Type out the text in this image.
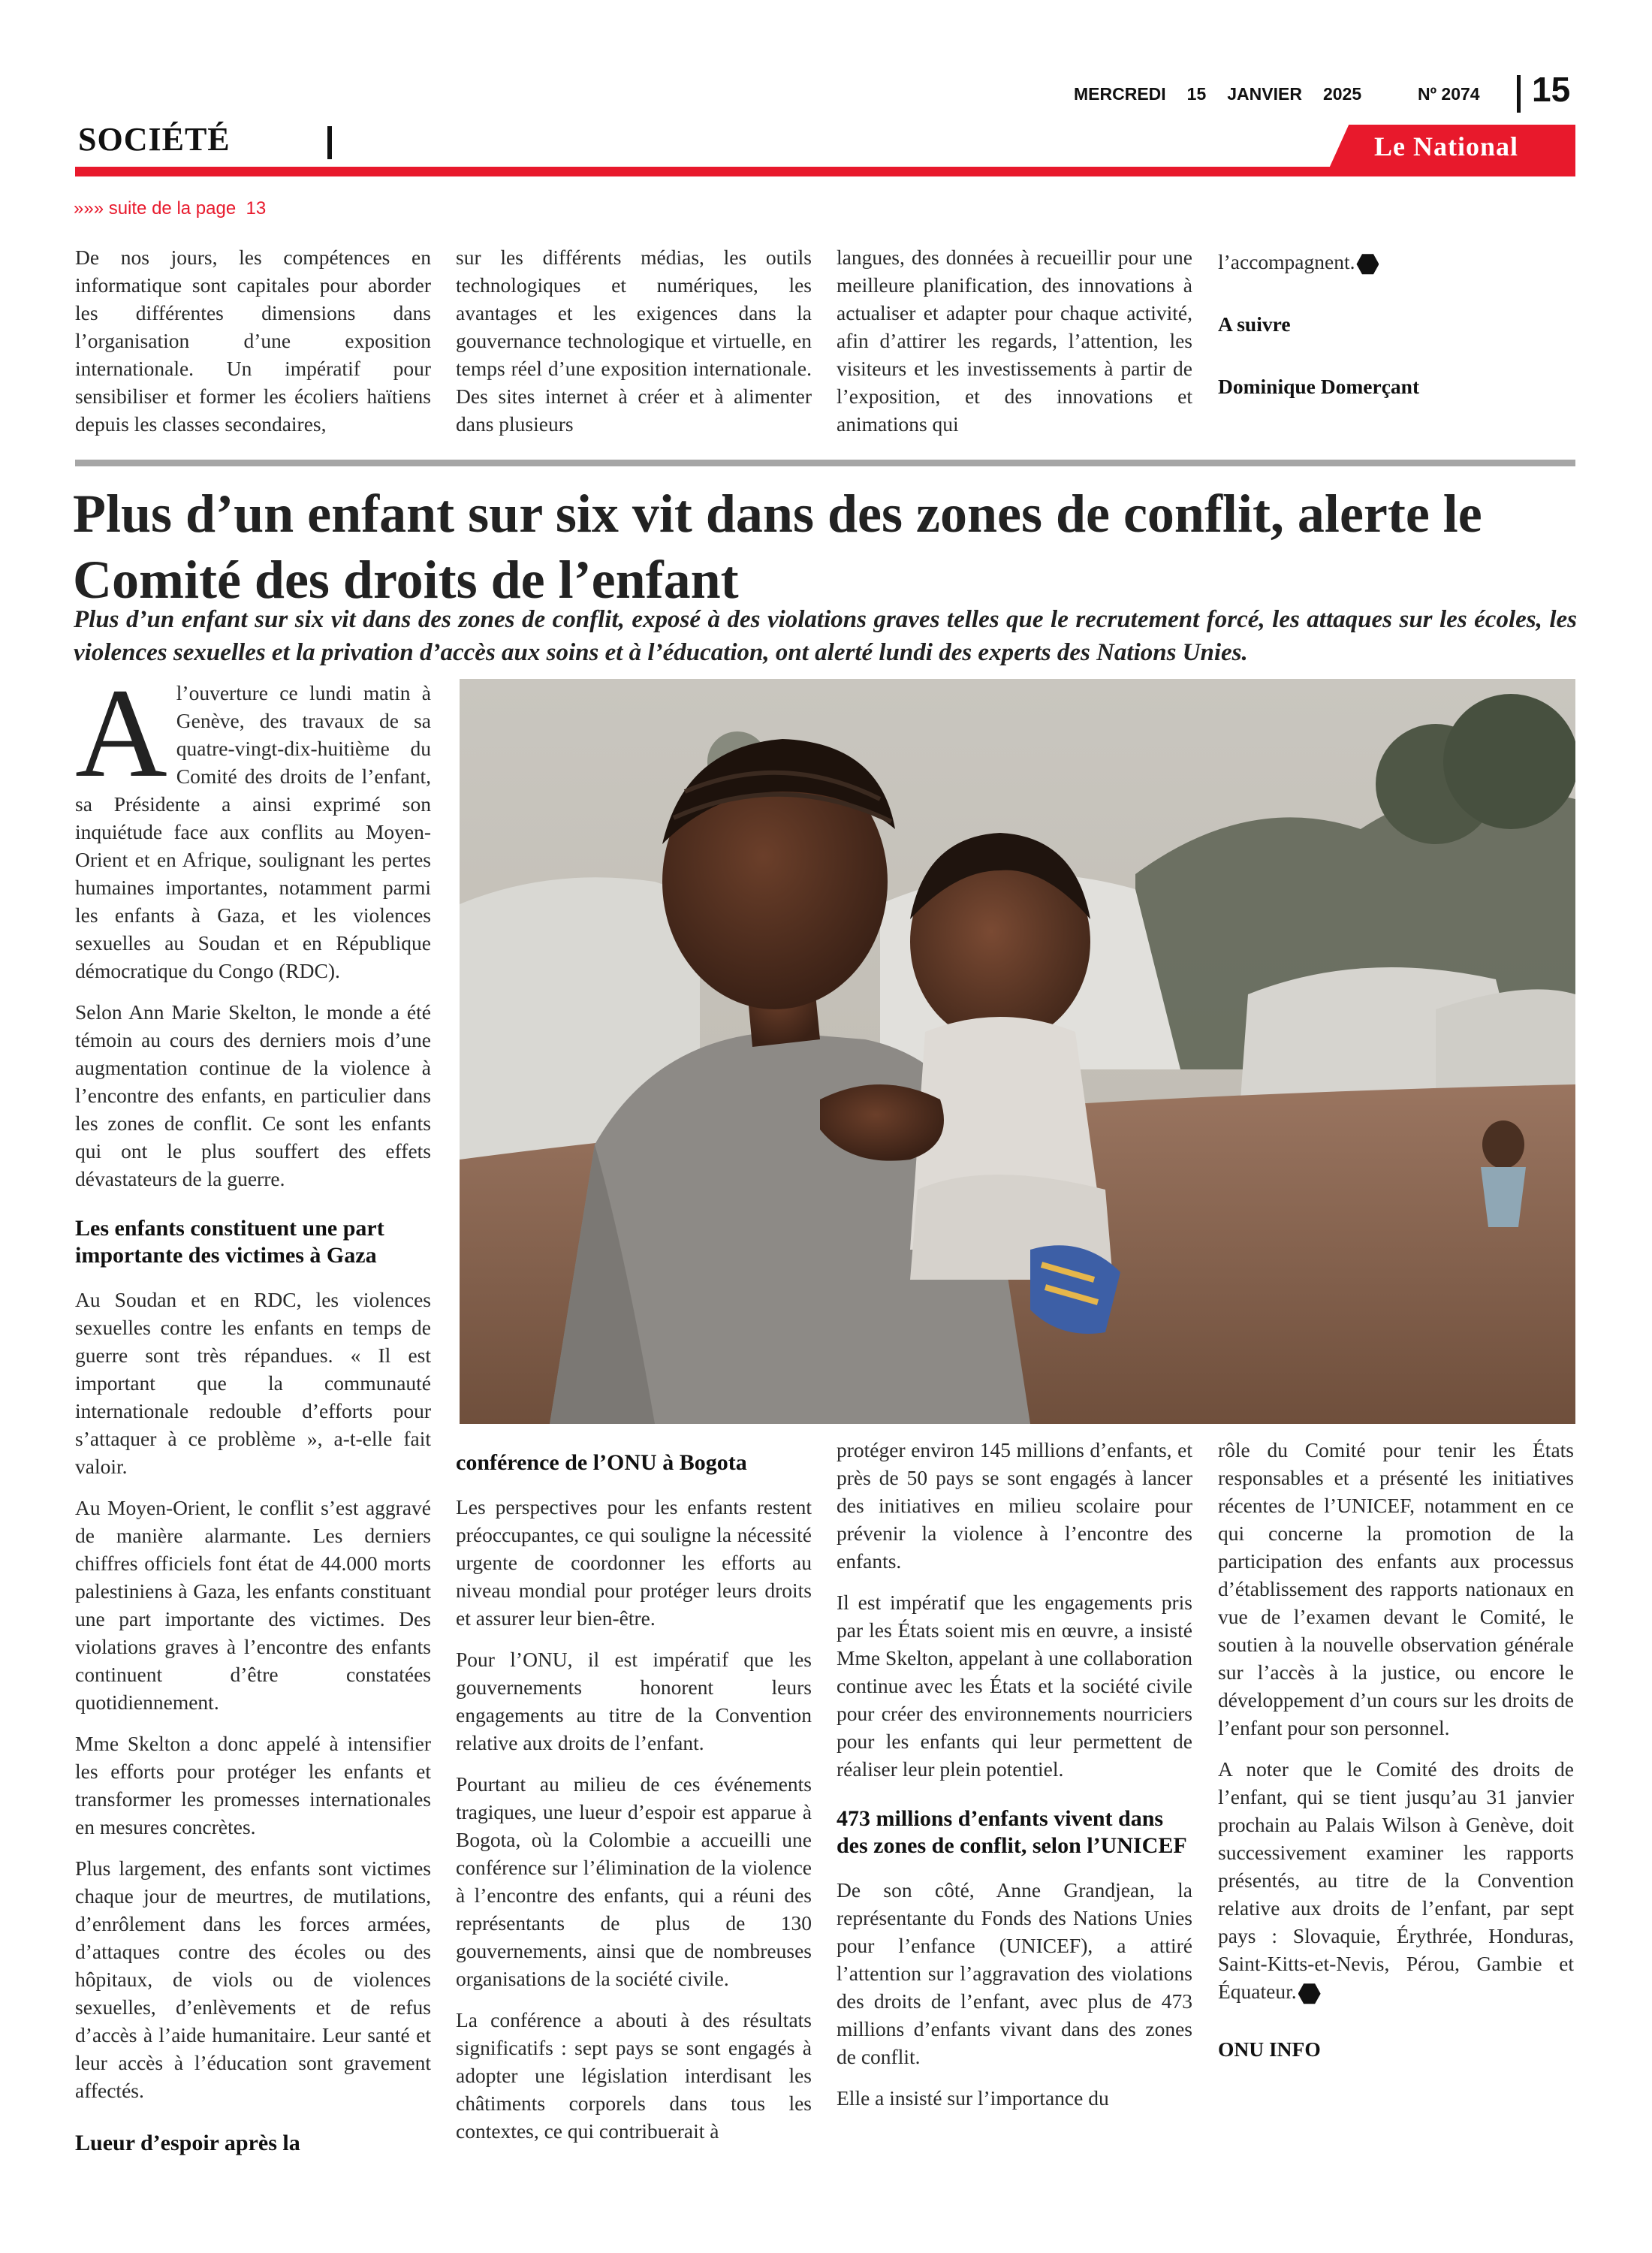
MERCREDI 15 JANVIER 2025	Nº 2074 15
SOCIÉTÉ	Le National
»»» suite de la page 13

De nos jours, les compétences en informatique sont capitales pour aborder les différentes dimensions dans l’organisation d’une exposition internationale. Un impératif pour sensibiliser et former les écoliers haïtiens depuis les classes secondaires,

sur les différents médias, les outils technologiques et numériques, les avantages et les exigences dans la gouvernance technologique et virtuelle, en temps réel d’une exposition internationale. Des sites internet à créer et à alimenter dans plusieurs

langues, des données à recueillir pour une meilleure planification, des innovations à actualiser et adapter pour chaque activité, afin d’attirer les regards, l’attention, les visiteurs et les investissements à partir de l’exposition, et des innovations et animations qui

l’accompagnent.

A suivre

Dominique Domerçant

Plus d’un enfant sur six vit dans des zones de conflit, alerte le Comité des droits de l’enfant

Plus d’un enfant sur six vit dans des zones de conflit, exposé à des violations graves telles que le recrutement forcé, les attaques sur les écoles, les violences sexuelles et la privation d’accès aux soins et à l’éducation, ont alerté lundi des experts des Nations Unies.

Al’ouverture ce lundi matin à Genève, des travaux de sa quatre-vingt-dix-huitième du Comité des droits de l’enfant, sa Présidente a ainsi exprimé son inquiétude face aux conflits au Moyen-Orient et en Afrique, soulignant les pertes humaines importantes, notamment parmi les enfants à Gaza, et les violences sexuelles au Soudan et en République démocratique du Congo (RDC).

Selon Ann Marie Skelton, le monde a été témoin au cours des derniers mois d’une augmentation continue de la violence à l’encontre des enfants, en particulier dans les zones de conflit. Ce sont les enfants qui ont le plus souffert des effets dévastateurs de la guerre.

Les enfants constituent une part importante des victimes à Gaza

Au Soudan et en RDC, les violences sexuelles contre les enfants en temps de guerre sont très répandues. « Il est important que la communauté internationale redouble d’efforts pour s’attaquer à ce problème », a-t-elle fait valoir.

Au Moyen-Orient, le conflit s’est aggravé de manière alarmante. Les derniers chiffres officiels font état de 44.000 morts palestiniens à Gaza, les enfants constituant une part importante des victimes. Des violations graves à l’encontre des enfants continuent d’être constatées quotidiennement.

Mme Skelton a donc appelé à intensifier les efforts pour protéger les enfants et transformer les promesses internationales en mesures concrètes.

Plus largement, des enfants sont victimes chaque jour de meurtres, de mutilations, d’enrôlement dans les forces armées, d’attaques contre des écoles ou des hôpitaux, de viols ou de violences sexuelles, d’enlèvements et de refus d’accès à l’aide humanitaire. Leur santé et leur accès à l’éducation sont gravement affectés.

Lueur d’espoir après la
conférence de l’ONU à Bogota

Les perspectives pour les enfants restent préoccupantes, ce qui souligne la nécessité urgente de coordonner les efforts au niveau mondial pour protéger leurs droits et assurer leur bien-être.

Pour l’ONU, il est impératif que les gouvernements honorent leurs engagements au titre de la Convention relative aux droits de l’enfant.

Pourtant au milieu de ces événements tragiques, une lueur d’espoir est apparue à Bogota, où la Colombie a accueilli une conférence sur l’élimination de la violence à l’encontre des enfants, qui a réuni des représentants de plus de 130 gouvernements, ainsi que de nombreuses organisations de la société civile.

La conférence a abouti à des résultats significatifs : sept pays se sont engagés à adopter une législation interdisant les châtiments corporels dans tous les contextes, ce qui contribuerait à

protéger environ 145 millions d’enfants, et près de 50 pays se sont engagés à lancer des initiatives en milieu scolaire pour prévenir la violence à l’encontre des enfants.

Il est impératif que les engagements pris par les États soient mis en œuvre, a insisté Mme Skelton, appelant à une collaboration continue avec les États et la société civile pour créer des environnements nourriciers pour les enfants qui leur permettent de réaliser leur plein potentiel.

473 millions d’enfants vivent dans des zones de conflit, selon l’UNICEF

De son côté, Anne Grandjean, la représentante du Fonds des Nations Unies pour l’enfance (UNICEF), a attiré l’attention sur l’aggravation des violations des droits de l’enfant, avec plus de 473 millions d’enfants vivant dans des zones de conflit.

Elle a insisté sur l’importance du

rôle du Comité pour tenir les États responsables et a présenté les initiatives récentes de l’UNICEF, notamment en ce qui concerne la promotion de la participation des enfants aux processus d’établissement des rapports nationaux en vue de l’examen devant le Comité, le soutien à la nouvelle observation générale sur l’accès à la justice, ou encore le développement d’un cours sur les droits de l’enfant pour son personnel.

A noter que le Comité des droits de l’enfant, qui se tient jusqu’au 31 janvier prochain au Palais Wilson à Genève, doit successivement examiner les rapports présentés, au titre de la Convention relative aux droits de l’enfant, par sept pays : Slovaquie, Érythrée, Honduras, Saint-Kitts-et-Nevis, Pérou, Gambie et Équateur.

ONU INFO
